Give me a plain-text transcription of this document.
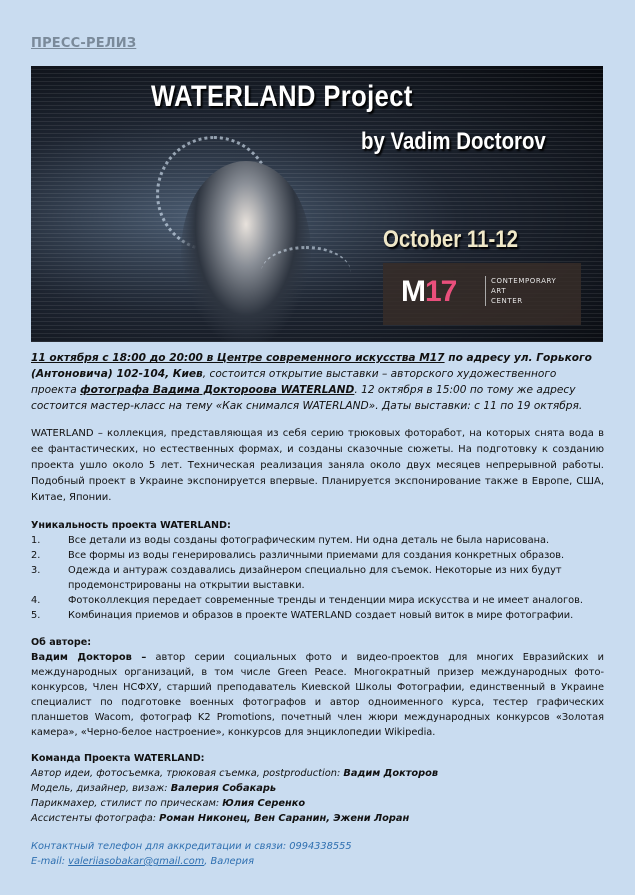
ПРЕСС-РЕЛИЗ
WATERLAND Project
by Vadim Doctorov
October 11-12
M17	CONTEMPORARY
ART
CENTER

11 октября с 18:00 до 20:00 в Центре современного искусства М17 по адресу ул. Горького (Антоновича) 102-104, Киев, состоится открытие выставки – авторского художественного проекта фотографа Вадима Доктороова WATERLAND. 12 октября в 15:00 по тому же адресу состоится мастер-класс на тему «Как снимался WATERLAND». Даты выставки: с 11 по 19 октября.

WATERLAND – коллекция, представляющая из себя серию трюковых фоторабот, на которых снята вода в ее фантастических, но естественных формах, и созданы сказочные сюжеты. На подготовку к созданию проекта ушло около 5 лет. Техническая реализация заняла около двух месяцев непрерывной работы. Подобный проект в Украине экспонируется впервые. Планируется экспонирование также в Европе, США, Китае, Японии.

Уникальность проекта WATERLAND:
1.	Все детали из воды созданы фотографическим путем. Ни одна деталь не была нарисована.
2.	Все формы из воды генерировались различными приемами для создания конкретных образов.
3.	Одежда и антураж создавались дизайнером специально для съемок. Некоторые из них будут продемонстрированы на открытии выставки.
4.	Фотоколлекция передает современные тренды и тенденции мира искусства и не имеет аналогов.
5.	Комбинация приемов и образов в проекте WATERLAND создает новый виток в мире фотографии.
Об авторе:

Вадим Докторов – автор серии социальных фото и видео-проектов для многих Евразийских и международных организаций, в том числе Green Peace. Многократный призер международных фото-конкурсов, Член НСФХУ, старший преподаватель Киевской Школы Фотографии, единственный в Украине специалист по подготовке военных фотографов и автор одноименного курса, тестер графических планшетов Wacom, фотограф K2 Promotions, почетный член жюри международных конкурсов «Золотая камера», «Черно-белое настроение», конкурсов для энциклопедии Wikipedia.

Команда Проекта WATERLAND:
Автор идеи, фотосъемка, трюковая съемка, postproduction: Вадим Докторов
Модель, дизайнер, визаж: Валерия Собакарь
Парикмахер, стилист по прическам: Юлия Серенко
Ассистенты фотографа: Роман Никонец, Вен Саранин, Эжени Лоран
Контактный телефон для аккредитации и связи: 0994338555
E-mail: valeriiasobakar@gmail.com, Валерия
